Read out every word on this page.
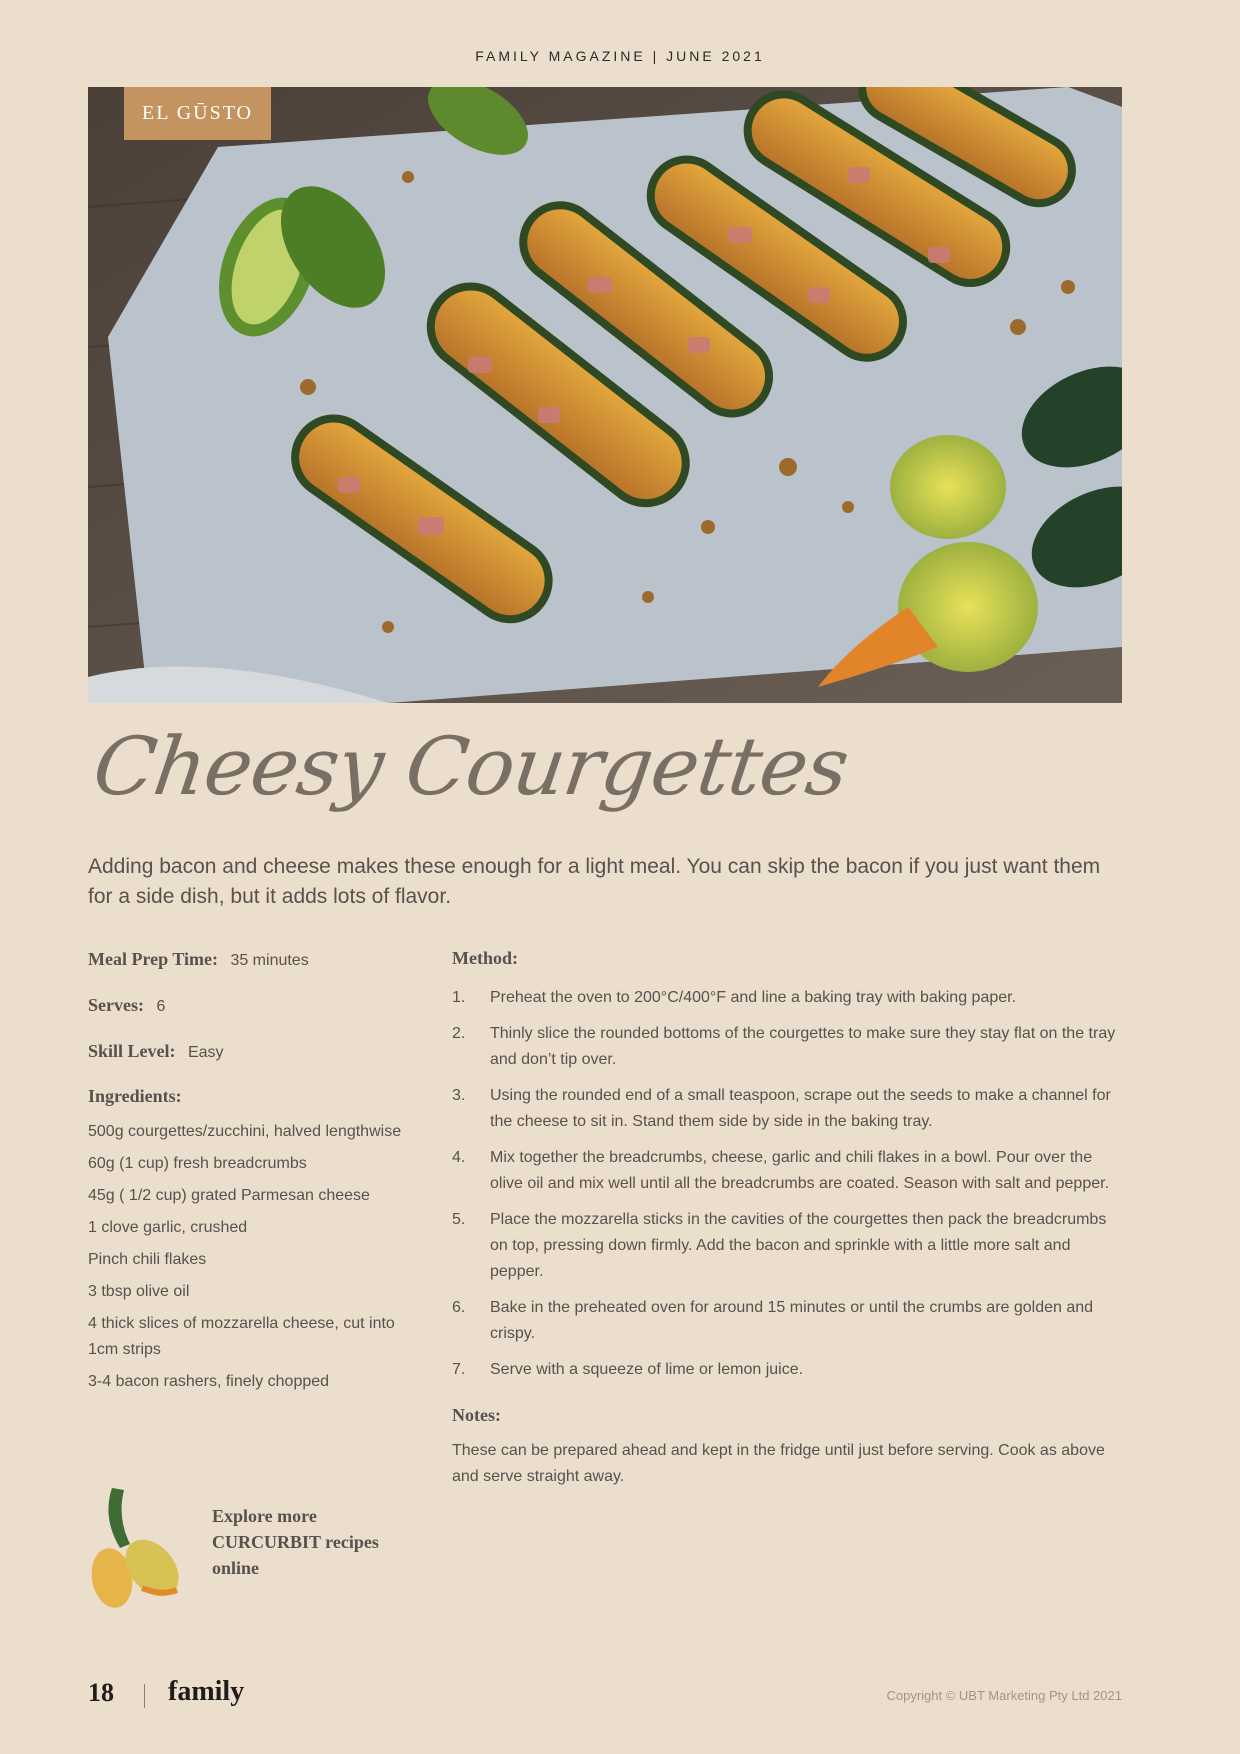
FAMILY MAGAZINE | JUNE 2021
EL GŪSTO
Cheesy Courgettes
Adding bacon and cheese makes these enough for a light meal. You can skip the bacon if you just want them for a side dish, but it adds lots of flavor.
Meal Prep Time: 35 minutes
Serves: 6
Skill Level: Easy
Ingredients:
500g courgettes/zucchini, halved lengthwise
60g (1 cup) fresh breadcrumbs
45g ( 1/2 cup) grated Parmesan cheese
1 clove garlic, crushed
Pinch chili flakes
3 tbsp olive oil
4 thick slices of mozzarella cheese, cut into 1cm strips
3-4 bacon rashers, finely chopped
Explore more CURCURBIT recipes online
Method:
1. Preheat the oven to 200°C/400°F and line a baking tray with baking paper.
2. Thinly slice the rounded bottoms of the courgettes to make sure they stay flat on the tray and don’t tip over.
3. Using the rounded end of a small teaspoon, scrape out the seeds to make a channel for the cheese to sit in. Stand them side by side in the baking tray.
4. Mix together the breadcrumbs, cheese, garlic and chili flakes in a bowl. Pour over the olive oil and mix well until all the breadcrumbs are coated. Season with salt and pepper.
5. Place the mozzarella sticks in the cavities of the courgettes then pack the breadcrumbs on top, pressing down firmly. Add the bacon and sprinkle with a little more salt and pepper.
6. Bake in the preheated oven for around 15 minutes or until the crumbs are golden and crispy.
7. Serve with a squeeze of lime or lemon juice.
Notes:

These can be prepared ahead and kept in the fridge until just before serving. Cook as above and serve straight away.

18 family	Copyright © UBT Marketing Pty Ltd 2021
